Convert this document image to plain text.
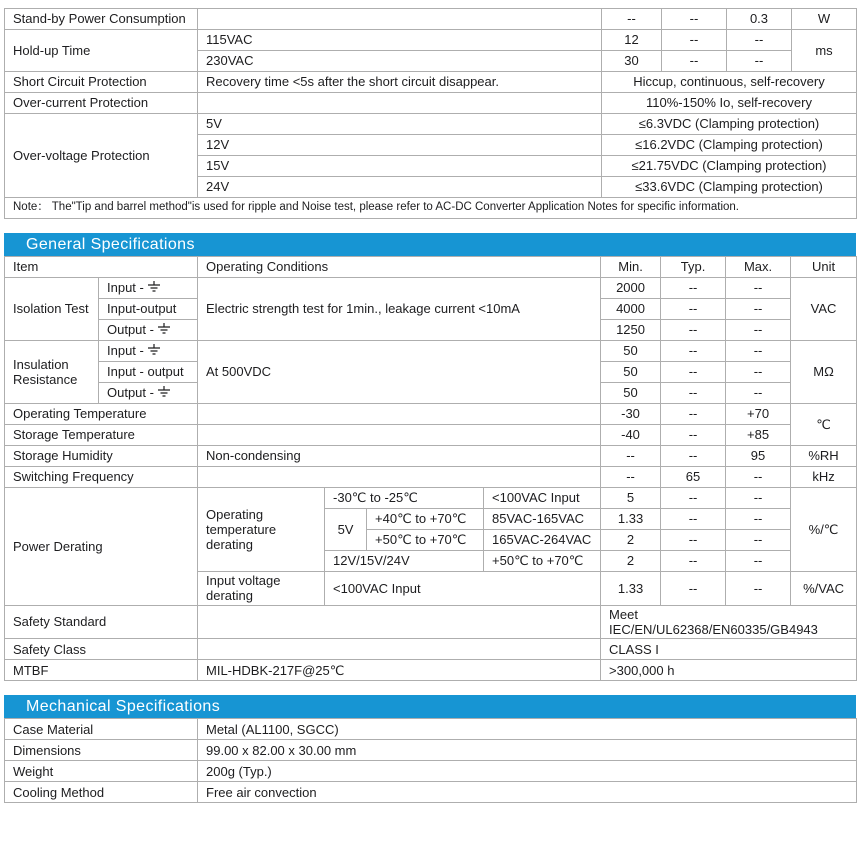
Stand-by Power Consumption		--	--	0.3	W
Hold-up Time	115VAC	12	--	--	ms
	230VAC	30	--	--	
Short Circuit Protection	Recovery time <5s after the short circuit disappear.	Hiccup, continuous, self-recovery			
Over-current Protection		110%-150% Io, self-recovery			
Over-voltage Protection	5V	≤6.3VDC (Clamping protection)			
	12V	≤16.2VDC (Clamping protection)			
	15V	≤21.75VDC (Clamping protection)			
	24V	≤33.6VDC (Clamping protection)			
Note： The"Tip and barrel method"is used for ripple and Noise test, please refer to AC-DC Converter Application Notes for specific information.					
General Specifications
Item		Operating Conditions				Min.	Typ.	Max.	Unit
Isolation Test	Input -	Electric strength test for 1min., leakage current <10mA				2000	--	--	VAC
	Input-output					4000	--	--	
	Output -					1250	--	--	
Insulation Resistance	Input -	At 500VDC				50	--	--	MΩ
	Input - output					50	--	--	
	Output -					50	--	--	
Operating Temperature						-30	--	+70	℃
Storage Temperature						-40	--	+85	
Storage Humidity		Non-condensing				--	--	95	%RH
Switching Frequency						--	65	--	kHz
Power Derating		Operating temperature derating	-30℃ to -25℃		<100VAC Input	5	--	--	%/℃
			5V	+40℃ to +70℃	85VAC-165VAC	1.33	--	--	
				+50℃ to +70℃	165VAC-264VAC	2	--	--	
			12V/15V/24V		+50℃ to +70℃	2	--	--	
		Input voltage derating	<100VAC Input			1.33	--	--	%/VAC
Safety Standard						Meet IEC/EN/UL62368/EN60335/GB4943			
Safety Class						CLASS I			
MTBF		MIL-HDBK-217F@25℃				>300,000 h			
Mechanical Specifications
Case Material	Metal (AL1100, SGCC)
Dimensions	99.00 x 82.00 x 30.00 mm
Weight	200g (Typ.)
Cooling Method	Free air convection
